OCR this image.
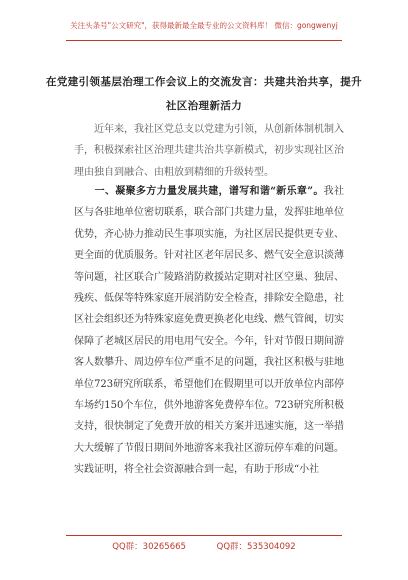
关注头条号"公文研究"，获得最新最全最专业的公文资料库！ 微信：gongwenyj
在党建引领基层治理工作会议上的交流发言：共建共治共享，提升社区治理新活力

　　近年来，我社区党总支以党建为引领，从创新体制机制入手，积极探索社区治理共建共治共享新模式，初步实现社区治理由独自到融合、由粗放到精细的升级转型。

　　一、凝聚多方力量发展共建，谱写和谐“新乐章”。我社区与各驻地单位密切联系，联合部门共建力量，发挥驻地单位优势，齐心协力推动民生事项实施，为社区居民提供更专业、更全面的优质服务。针对社区老年居民多、燃气安全意识淡薄等问题，社区联合广陵路消防救援站定期对社区空巢、独居、残疾、低保等特殊家庭开展消防安全检查，排除安全隐患，社区社会组织还为特殊家庭免费更换老化电线、燃气管阀，切实保障了老城区居民的用电用气安全。今年，针对节假日期间游客人数攀升、周边停车位严重不足的问题，我社区积极与驻地单位723研究所联系，希望他们在假期里可以开放单位内部停车场约150个车位，供外地游客免费停车位。723研究所积极支持，很快制定了免费开放的相关方案并迅速实施，这一举措大大缓解了节假日期间外地游客来我社区游玩停车难的问题。实践证明，将全社会资源融合到一起，有助于形成“小社

QQ群：30265665	QQ群：535304092
